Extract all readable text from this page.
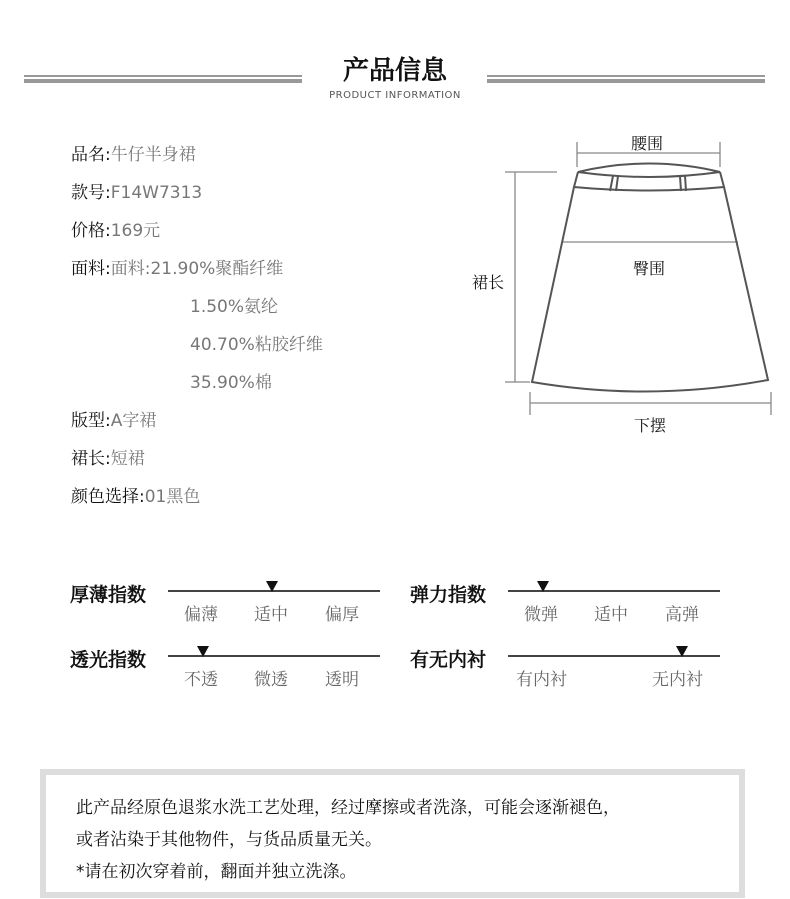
产品信息
PRODUCT INFORMATION
品名:牛仔半身裙
款号:F14W7313
价格:169元
面料:面料:21.90%聚酯纤维
1.50%氨纶
40.70%粘胶纤维
35.90%棉
版型:A字裙
裙长:短裙
颜色选择:01黑色
腰围
臀围
裙长
下摆
厚薄指数
偏薄 适中 偏厚
弹力指数
微弹 适中 高弹
透光指数
不透 微透 透明
有无内衬
有内衬	无内衬
此产品经原色退浆水洗工艺处理，经过摩擦或者洗涤，可能会逐渐褪色，
或者沾染于其他物件，与货品质量无关。
*请在初次穿着前，翻面并独立洗涤。
